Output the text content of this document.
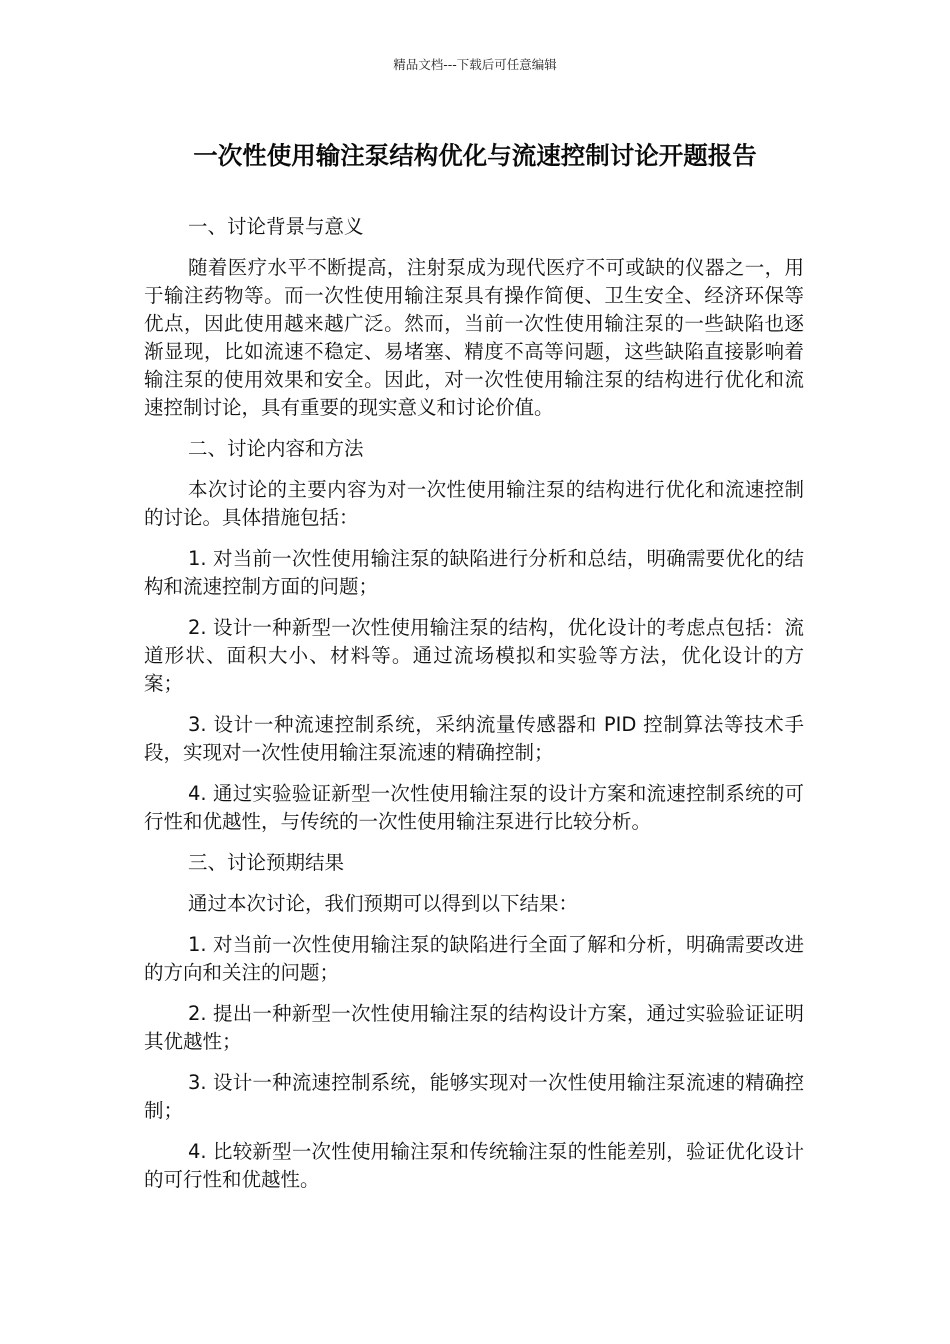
精品文档---下载后可任意编辑
一次性使用输注泵结构优化与流速控制讨论开题报告

一、讨论背景与意义

随着医疗水平不断提高，注射泵成为现代医疗不可或缺的仪器之一，用于输注药物等。而一次性使用输注泵具有操作简便、卫生安全、经济环保等优点，因此使用越来越广泛。然而，当前一次性使用输注泵的一些缺陷也逐渐显现，比如流速不稳定、易堵塞、精度不高等问题，这些缺陷直接影响着输注泵的使用效果和安全。因此，对一次性使用输注泵的结构进行优化和流速控制讨论，具有重要的现实意义和讨论价值。

二、讨论内容和方法

本次讨论的主要内容为对一次性使用输注泵的结构进行优化和流速控制的讨论。具体措施包括：

1. 对当前一次性使用输注泵的缺陷进行分析和总结，明确需要优化的结构和流速控制方面的问题；

2. 设计一种新型一次性使用输注泵的结构，优化设计的考虑点包括：流道形状、面积大小、材料等。通过流场模拟和实验等方法，优化设计的方案；

3. 设计一种流速控制系统，采纳流量传感器和 PID 控制算法等技术手段，实现对一次性使用输注泵流速的精确控制；

4. 通过实验验证新型一次性使用输注泵的设计方案和流速控制系统的可行性和优越性，与传统的一次性使用输注泵进行比较分析。

三、讨论预期结果

通过本次讨论，我们预期可以得到以下结果：

1. 对当前一次性使用输注泵的缺陷进行全面了解和分析，明确需要改进的方向和关注的问题；

2. 提出一种新型一次性使用输注泵的结构设计方案，通过实验验证证明其优越性；

3. 设计一种流速控制系统，能够实现对一次性使用输注泵流速的精确控制；

4. 比较新型一次性使用输注泵和传统输注泵的性能差别，验证优化设计的可行性和优越性。
